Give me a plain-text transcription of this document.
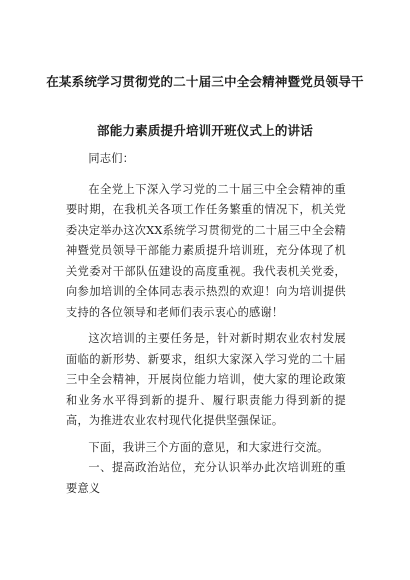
在某系统学习贯彻党的二十届三中全会精神暨党员领导干
部能力素质提升培训开班仪式上的讲话
同志们：

在全党上下深入学习党的二十届三中全会精神的重要时期，在我机关各项工作任务繁重的情况下，机关党委决定举办这次XX系统学习贯彻党的二十届三中全会精神暨党员领导干部能力素质提升培训班，充分体现了机关党委对干部队伍建设的高度重视。我代表机关党委，向参加培训的全体同志表示热烈的欢迎！向为培训提供支持的各位领导和老师们表示衷心的感谢！

这次培训的主要任务是，针对新时期农业农村发展面临的新形势、新要求，组织大家深入学习党的二十届三中全会精神，开展岗位能力培训，使大家的理论政策和业务水平得到新的提升、履行职责能力得到新的提高，为推进农业农村现代化提供坚强保证。

下面，我讲三个方面的意见，和大家进行交流。

一、提高政治站位，充分认识举办此次培训班的重要意义
